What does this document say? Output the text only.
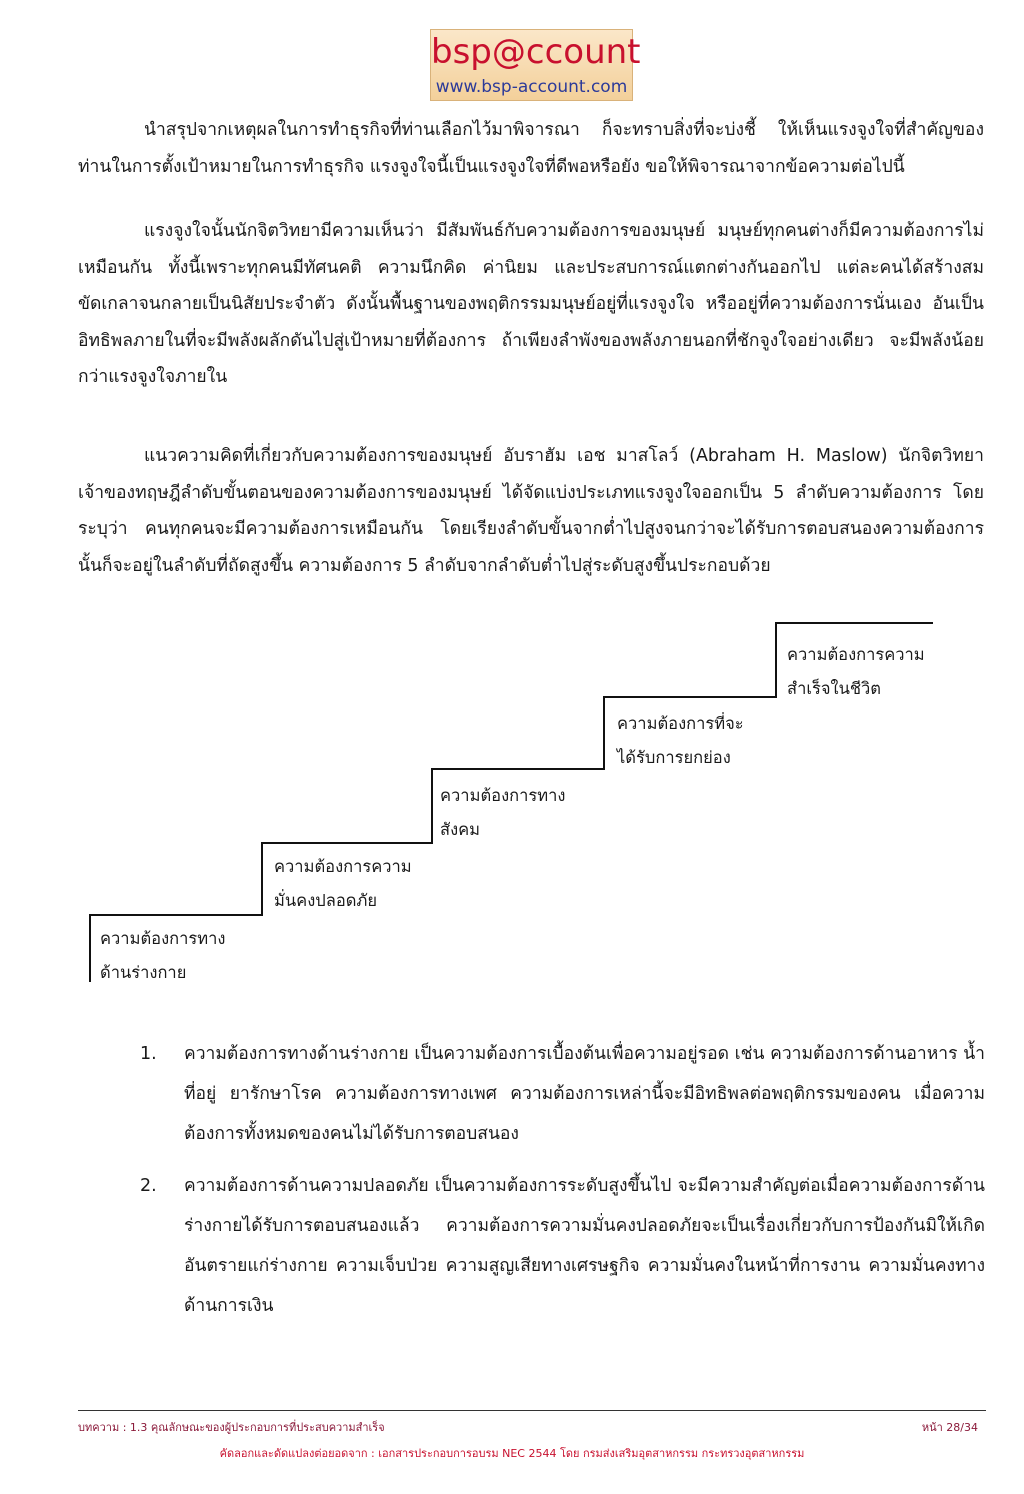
bsp@ccount
www.bsp-account.com

นำสรุปจากเหตุผลในการทำธุรกิจที่ท่านเลือกไว้มาพิจารณา ก็จะทราบสิ่งที่จะบ่งชี้ ให้เห็นแรงจูงใจที่สำคัญของท่านในการตั้งเป้าหมายในการทำธุรกิจ แรงจูงใจนี้เป็นแรงจูงใจที่ดีพอหรือยัง ขอให้พิจารณาจากข้อความต่อไปนี้

แรงจูงใจนั้นนักจิตวิทยามีความเห็นว่า มีสัมพันธ์กับความต้องการของมนุษย์ มนุษย์ทุกคนต่างก็มีความต้องการไม่เหมือนกัน ทั้งนี้เพราะทุกคนมีทัศนคติ ความนึกคิด ค่านิยม และประสบการณ์แตกต่างกันออกไป แต่ละคนได้สร้างสม ขัดเกลาจนกลายเป็นนิสัยประจำตัว ดังนั้นพื้นฐานของพฤติกรรมมนุษย์อยู่ที่แรงจูงใจ หรืออยู่ที่ความต้องการนั่นเอง อันเป็นอิทธิพลภายในที่จะมีพลังผลักดันไปสู่เป้าหมายที่ต้องการ ถ้าเพียงลำพังของพลังภายนอกที่ชักจูงใจอย่างเดียว จะมีพลังน้อยกว่าแรงจูงใจภายใน

แนวความคิดที่เกี่ยวกับความต้องการของมนุษย์ อับราฮัม เอช มาสโลว์ (Abraham H. Maslow) นักจิตวิทยาเจ้าของทฤษฎีลำดับขั้นตอนของความต้องการของมนุษย์ ได้จัดแบ่งประเภทแรงจูงใจออกเป็น 5 ลำดับความต้องการ โดยระบุว่า คนทุกคนจะมีความต้องการเหมือนกัน โดยเรียงลำดับขั้นจากต่ำไปสูงจนกว่าจะได้รับการตอบสนองความต้องการนั้นก็จะอยู่ในลำดับที่ถัดสูงขึ้น ความต้องการ 5 ลำดับจากลำดับต่ำไปสู่ระดับสูงขึ้นประกอบด้วย

ความต้องการทาง
ด้านร่างกาย
ความต้องการความ
มั่นคงปลอดภัย
ความต้องการทาง
สังคม
ความต้องการที่จะ
ได้รับการยกย่อง
ความต้องการความ
สำเร็จในชีวิต
1. ความต้องการทางด้านร่างกาย เป็นความต้องการเบื้องต้นเพื่อความอยู่รอด เช่น ความต้องการด้านอาหาร น้ำ ที่อยู่ ยารักษาโรค ความต้องการทางเพศ ความต้องการเหล่านี้จะมีอิทธิพลต่อพฤติกรรมของคน เมื่อความต้องการทั้งหมดของคนไม่ได้รับการตอบสนอง
2. ความต้องการด้านความปลอดภัย เป็นความต้องการระดับสูงขึ้นไป จะมีความสำคัญต่อเมื่อความต้องการด้านร่างกายได้รับการตอบสนองแล้ว ความต้องการความมั่นคงปลอดภัยจะเป็นเรื่องเกี่ยวกับการป้องกันมิให้เกิดอันตรายแก่ร่างกาย ความเจ็บป่วย ความสูญเสียทางเศรษฐกิจ ความมั่นคงในหน้าที่การงาน ความมั่นคงทางด้านการเงิน
บทความ : 1.3 คุณลักษณะของผู้ประกอบการที่ประสบความสำเร็จ	หน้า 28/34
คัดลอกและดัดแปลงต่อยอดจาก : เอกสารประกอบการอบรม NEC 2544 โดย กรมส่งเสริมอุตสาหกรรม กระทรวงอุตสาหกรรม
